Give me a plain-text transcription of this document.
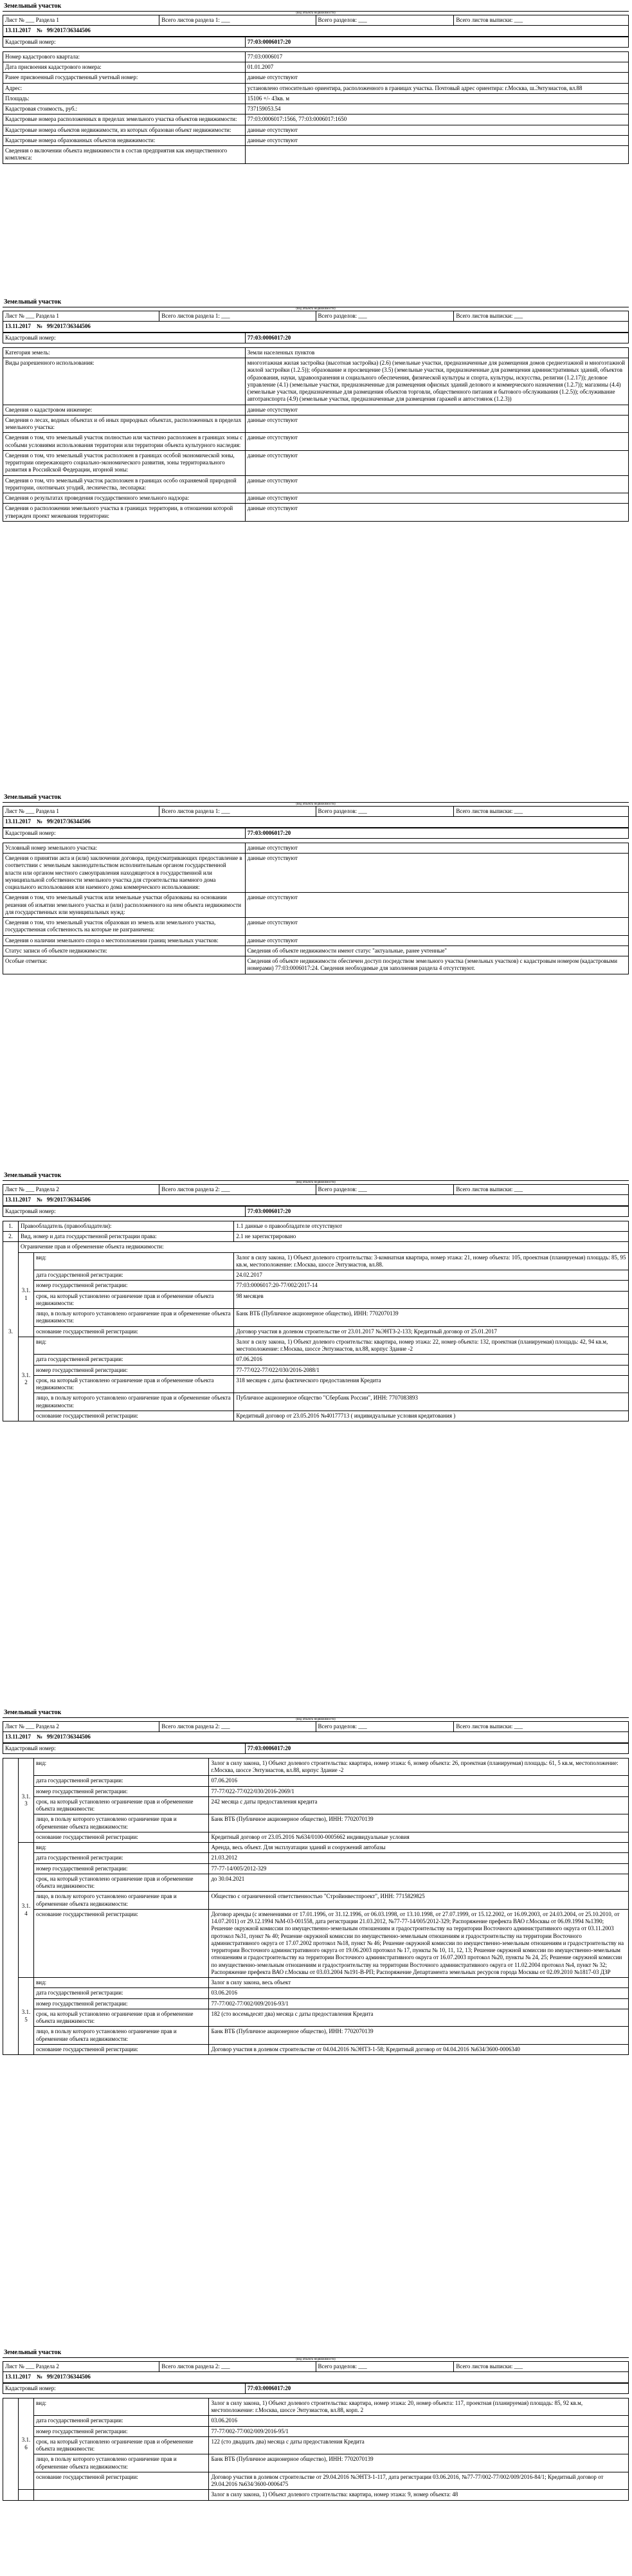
Земельный участок
(вид объекта недвижимости)
Лист № ___ Раздела 1	Всего листов раздела 1: ___	Всего разделов: ___	Всего листов выписки: ___
13.11.2017 № 99/2017/36344506
Кадастровый номер:	77:03:0006017:20
Номер кадастрового квартала:	77:03:0006017
Дата присвоения кадастрового номера:	01.01.2007
Ранее присвоенный государственный учетный номер:	данные отсутствуют
Адрес:	установлено относительно ориентира, расположенного в границах участка. Почтовый адрес ориентира: г.Москва, ш.Энтузиастов, вл.88
Площадь:	15106 +/- 43кв. м
Кадастровая стоимость, руб.:	737159053.54
Кадастровые номера расположенных в пределах земельного участка объектов недвижимости:	77:03:0006017:1566, 77:03:0006017:1650
Кадастровые номера объектов недвижимости, из которых образован объект недвижимости:	данные отсутствуют
Кадастровые номера образованных объектов недвижимости:	данные отсутствуют
Сведения о включении объекта недвижимости в состав предприятия как имущественного комплекса:	
Земельный участок
(вид объекта недвижимости)
Лист № ___ Раздела 1	Всего листов раздела 1: ___	Всего разделов: ___	Всего листов выписки: ___
13.11.2017 № 99/2017/36344506
Кадастровый номер:	77:03:0006017:20
Категория земель:	Земли населенных пунктов
Виды разрешенного использования:	многоэтажная жилая застройка (высотная застройка) (2.6) (земельные участки, предназначенные для размещения домов среднеэтажной и многоэтажной жилой застройки (1.2.5)); образование и просвещение (3.5) (земельные участки, предназначенные для размещения административных зданий, объектов образования, науки, здравоохранения и социального обеспечения, физической культуры и спорта, культуры, искусства, религии (1.2.17)); деловое управление (4.1) (земельные участки, предназначенные для размещения офисных зданий делового и коммерческого назначения (1.2.7)); магазины (4.4) (земельные участки, предназначенные для размещения объектов торговли, общественного питания и бытового обслуживания (1.2.5)); обслуживание автотранспорта (4.9) (земельные участки, предназначенные для размещения гаражей и автостоянок (1.2.3))
Сведения о кадастровом инженере:	данные отсутствуют
Сведения о лесах, водных объектах и об иных природных объектах, расположенных в пределах земельного участка:	данные отсутствуют
Сведения о том, что земельный участок полностью или частично расположен в границах зоны с особыми условиями использования территории или территории объекта культурного наследия:	данные отсутствуют
Сведения о том, что земельный участок расположен в границах особой экономической зоны, территории опережающего социально-экономического развития, зоны территориального развития в Российской Федерации, игорной зоны:	данные отсутствуют
Сведения о том, что земельный участок расположен в границах особо охраняемой природной территории, охотничьих угодий, лесничества, лесопарка:	данные отсутствуют
Сведения о результатах проведения государственного земельного надзора:	данные отсутствуют
Сведения о расположении земельного участка в границах территории, в отношении которой утвержден проект межевания территории:	данные отсутствуют
Земельный участок
(вид объекта недвижимости)
Лист № ___ Раздела 1	Всего листов раздела 1: ___	Всего разделов: ___	Всего листов выписки: ___
13.11.2017 № 99/2017/36344506
Кадастровый номер:	77:03:0006017:20
Условный номер земельного участка:	данные отсутствуют
Сведения о принятии акта и (или) заключении договора, предусматривающих предоставление в соответствии с земельным законодательством исполнительным органом государственной власти или органом местного самоуправления находящегося в государственной или муниципальной собственности земельного участка для строительства наемного дома социального использования или наемного дома коммерческого использования:	данные отсутствуют
Сведения о том, что земельный участок или земельные участки образованы на основании решения об изъятии земельного участка и (или) расположенного на нем объекта недвижимости для государственных или муниципальных нужд:	данные отсутствуют
Сведения о том, что земельный участок образован из земель или земельного участка, государственная собственность на которые не разграничена:	данные отсутствуют
Сведения о наличии земельного спора о местоположении границ земельных участков:	данные отсутствуют
Статус записи об объекте недвижимости:	Сведения об объекте недвижимости имеют статус "актуальные, ранее учтенные"
Особые отметки:	Сведения об объекте недвижимости обеспечен доступ посредством земельного участка (земельных участков) с кадастровым номером (кадастровыми номерами) 77:03:0006017:24. Сведения необходимые для заполнения раздела 4 отсутствуют.
Земельный участок
(вид объекта недвижимости)
Лист № ___ Раздела 2	Всего листов раздела 2: ___	Всего разделов: ___	Всего листов выписки: ___
13.11.2017 № 99/2017/36344506
Кадастровый номер:	77:03:0006017:20
1.	Правообладатель (правообладатели):		1.1 данные о правообладателе отсутствуют
2.	Вид, номер и дата государственной регистрации права:		2.1 не зарегистрировано
3.	Ограничение прав и обременение объекта недвижимости:		
	3.1.1	вид:	Залог в силу закона, 1) Объект долевого строительства: 3-комнатная квартира, номер этажа: 21, номер объекта: 105, проектная (планируемая) площадь: 85, 95 кв.м, местоположение: г.Москва, шоссе Энтузиастов, вл.88.
		дата государственной регистрации:	24.02.2017
		номер государственной регистрации:	77:03:0006017:20-77/002/2017-14
		срок, на который установлено ограничение прав и обременение объекта недвижимости:	98 месяцев
		лицо, в пользу которого установлено ограничение прав и обременение объекта недвижимости:	Банк ВТБ (Публичное акционерное общество), ИНН: 7702070139
		основание государственной регистрации:	Договор участия в долевом строительстве от 23.01.2017 №ЭНТЗ-2-133; Кредитный договор от 25.01.2017
	3.1.2	вид:	Залог в силу закона, 1) Объект долевого строительства: квартира, номер этажа: 22, номер объекта: 132, проектная (планируемая) площадь: 42, 94 кв.м, местоположение: г.Москва, шоссе Энтузиастов, вл.88, корпус Здание -2
		дата государственной регистрации:	07.06.2016
		номер государственной регистрации:	77-77/022-77/022/030/2016-2088/1
		срок, на который установлено ограничение прав и обременение объекта недвижимости:	318 месяцев с даты фактического предоставления Кредита
		лицо, в пользу которого установлено ограничение прав и обременение объекта недвижимости:	Публичное акционерное общество "Сбербанк России", ИНН: 7707083893
		основание государственной регистрации:	Кредитный договор от 23.05.2016 №40177713 ( индивидуальные условия кредитования )
Земельный участок
(вид объекта недвижимости)
Лист № ___ Раздела 2	Всего листов раздела 2: ___	Всего разделов: ___	Всего листов выписки: ___
13.11.2017 № 99/2017/36344506
Кадастровый номер:	77:03:0006017:20
	3.1.3	вид:	Залог в силу закона, 1) Объект долевого строительства: квартира, номер этажа: 6, номер объекта: 26, проектная (планируемая) площадь: 61, 5 кв.м, местоположение: г.Москва, шоссе Энтузиастов, вл.88, корпус Здание -2
		дата государственной регистрации:	07.06.2016
		номер государственной регистрации:	77-77/022-77/022/030/2016-2069/1
		срок, на который установлено ограничение прав и обременение объекта недвижимости:	242 месяца с даты предоставления кредита
		лицо, в пользу которого установлено ограничение прав и обременение объекта недвижимости:	Банк ВТБ (Публичное акционерное общество), ИНН: 7702070139
		основание государственной регистрации:	Кредитный договор от 23.05.2016 №634/0100-0005662 индивидуальные условия
	3.1.4	вид:	Аренда, весь объект. Для эксплуатации зданий и сооружений автобазы
		дата государственной регистрации:	21.03.2012
		номер государственной регистрации:	77-77-14/005/2012-329
		срок, на который установлено ограничение прав и обременение объекта недвижимости:	до 30.04.2021
		лицо, в пользу которого установлено ограничение прав и обременение объекта недвижимости:	Общество с ограниченной ответственностью "Стройинвестпроект", ИНН: 7715829825
		основание государственной регистрации:	Договор аренды (с изменениями от 17.01.1996, от 31.12.1996, от 06.03.1998, от 13.10.1998, от 27.07.1999, от 15.12.2002, от 16.09.2003, от 24.03.2004, от 25.10.2010, от 14.07.2011) от 29.12.1994 №М-03-001558, дата регистрации 21.03.2012, №77-77-14/005/2012-329; Распоряжение префекта ВАО г.Москвы от 06.09.1994 №1390; Решение окружной комиссии по имущественно-земельным отношениям и градостроительству на территории Восточного административного округа от 03.11.2003 протокол №31, пункт № 40; Решение окружной комиссии по имущественно-земельным отношениям и градостроительству на территории Восточного административного округа от 17.07.2002 протокол №18, пункт № 46; Решение окружной комиссии по имущественно-земельным отношениям и градостроительству на территории Восточного административного округа от 19.06.2003 протокол № 17, пункты № 10, 11, 12, 13; Решение окружной комиссии по имущественно-земельным отношениям и градостроительству на территории Восточного административного округа от 16.07.2003 протокол №20, пункты № 24, 25; Решение окружной комиссии по имущественно-земельным отношениям и градостроительству на территории Восточного административного округа от 11.02.2004 протокол №4, пункт № 32; Распоряжение префекта ВАО г.Москвы от 03.03.2004 №191-В-РП; Распоряжение Департамента земельных ресурсов города Москвы от 02.09.2010 №1817-03 ДЗР
	3.1.5	вид:	Залог в силу закона, весь объект
		дата государственной регистрации:	03.06.2016
		номер государственной регистрации:	77-77/002-77/002/009/2016-93/1
		срок, на который установлено ограничение прав и обременение объекта недвижимости:	182 (сто восемьдесят два) месяца с даты предоставления Кредита
		лицо, в пользу которого установлено ограничение прав и обременение объекта недвижимости:	Банк ВТБ (Публичное акционерное общество), ИНН: 7702070139
		основание государственной регистрации:	Договор участия в долевом строительстве от 04.04.2016 №ЭНТЗ-1-58; Кредитный договор от 04.04.2016 №634/3600-0006340
Земельный участок
(вид объекта недвижимости)
Лист № ___ Раздела 2	Всего листов раздела 2: ___	Всего разделов: ___	Всего листов выписки: ___
13.11.2017 № 99/2017/36344506
Кадастровый номер:	77:03:0006017:20
	3.1.6	вид:	Залог в силу закона, 1) Объект долевого строительства: квартира, номер этажа: 20, номер объекта: 117, проектная (планируемая) площадь: 85, 92 кв.м, местоположение: г.Москва, шоссе Энтузиастов, вл.88, корп. 2
		дата государственной регистрации:	03.06.2016
		номер государственной регистрации:	77-77/002-77/002/009/2016-95/1
		срок, на который установлено ограничение прав и обременение объекта недвижимости:	122 (сто двадцать два) месяца с даты предоставления Кредита
		лицо, в пользу которого установлено ограничение прав и обременение объекта недвижимости:	Банк ВТБ (Публичное акционерное общество), ИНН: 7702070139
		основание государственной регистрации:	Договор участия в долевом строительстве от 29.04.2016 №ЭНТЗ-1-117, дата регистрации 03.06.2016, №77-77/002-77/002/009/2016-84/1; Кредитный договор от 29.04.2016 №634/3600-0006475
			Залог в силу закона, 1) Объект долевого строительства: квартира, номер этажа: 9, номер объекта: 48
